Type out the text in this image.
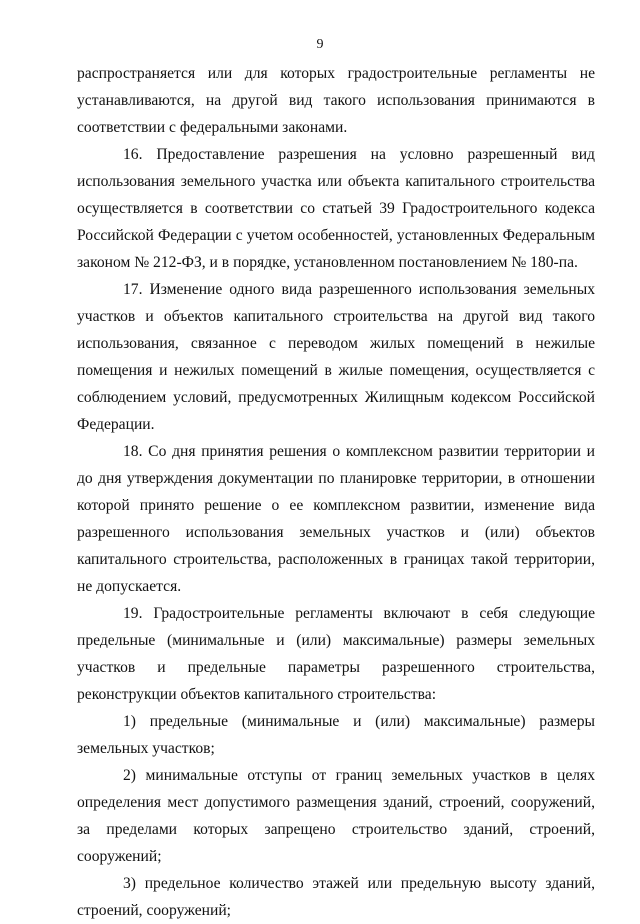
9

распространяется или для которых градостроительные регламенты не устанавливаются, на другой вид такого использования принимаются в соответствии с федеральными законами.

16. Предоставление разрешения на условно разрешенный вид использования земельного участка или объекта капитального строительства осуществляется в соответствии со статьей 39 Градостроительного кодекса Российской Федерации с учетом особенностей, установленных Федеральным законом № 212-ФЗ, и в порядке, установленном постановлением № 180-па.

17. Изменение одного вида разрешенного использования земельных участков и объектов капитального строительства на другой вид такого использования, связанное с переводом жилых помещений в нежилые помещения и нежилых помещений в жилые помещения, осуществляется с соблюдением условий, предусмотренных Жилищным кодексом Российской Федерации.

18. Со дня принятия решения о комплексном развитии территории и до дня утверждения документации по планировке территории, в отношении которой принято решение о ее комплексном развитии, изменение вида разрешенного использования земельных участков и (или) объектов капитального строительства, расположенных в границах такой территории, не допускается.

19. Градостроительные регламенты включают в себя следующие предельные (минимальные и (или) максимальные) размеры земельных участков и предельные параметры разрешенного строительства, реконструкции объектов капитального строительства:

1) предельные (минимальные и (или) максимальные) размеры земельных участков;

2) минимальные отступы от границ земельных участков в целях определения мест допустимого размещения зданий, строений, сооружений, за пределами которых запрещено строительство зданий, строений, сооружений;

3) предельное количество этажей или предельную высоту зданий, строений, сооружений;
